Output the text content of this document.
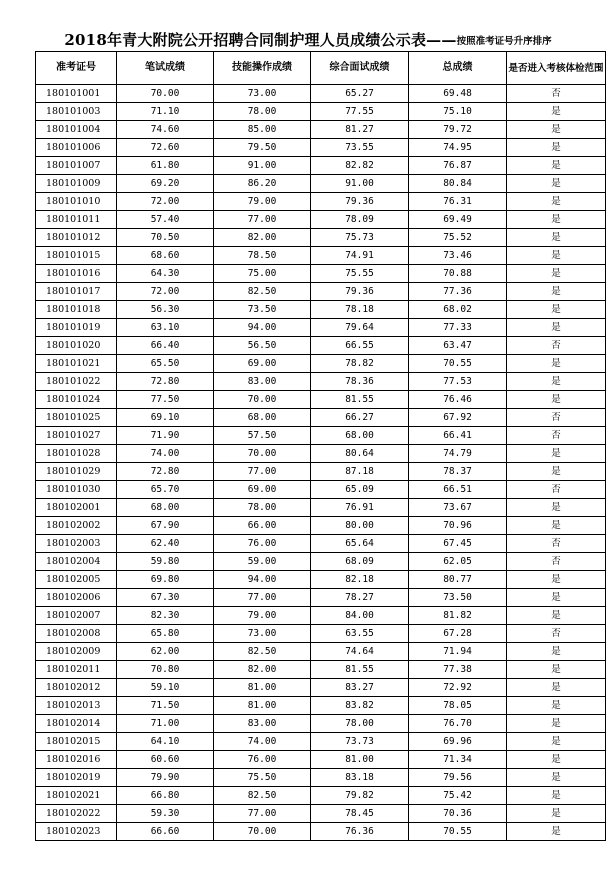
2018年青大附院公开招聘合同制护理人员成绩公示表——按照准考证号升序排序
准考证号	笔试成绩	技能操作成绩	综合面试成绩	总成绩	是否进入考核体检范围
180101001	70.00	73.00	65.27	69.48	否
180101003	71.10	78.00	77.55	75.10	是
180101004	74.60	85.00	81.27	79.72	是
180101006	72.60	79.50	73.55	74.95	是
180101007	61.80	91.00	82.82	76.87	是
180101009	69.20	86.20	91.00	80.84	是
180101010	72.00	79.00	79.36	76.31	是
180101011	57.40	77.00	78.09	69.49	是
180101012	70.50	82.00	75.73	75.52	是
180101015	68.60	78.50	74.91	73.46	是
180101016	64.30	75.00	75.55	70.88	是
180101017	72.00	82.50	79.36	77.36	是
180101018	56.30	73.50	78.18	68.02	是
180101019	63.10	94.00	79.64	77.33	是
180101020	66.40	56.50	66.55	63.47	否
180101021	65.50	69.00	78.82	70.55	是
180101022	72.80	83.00	78.36	77.53	是
180101024	77.50	70.00	81.55	76.46	是
180101025	69.10	68.00	66.27	67.92	否
180101027	71.90	57.50	68.00	66.41	否
180101028	74.00	70.00	80.64	74.79	是
180101029	72.80	77.00	87.18	78.37	是
180101030	65.70	69.00	65.09	66.51	否
180102001	68.00	78.00	76.91	73.67	是
180102002	67.90	66.00	80.00	70.96	是
180102003	62.40	76.00	65.64	67.45	否
180102004	59.80	59.00	68.09	62.05	否
180102005	69.80	94.00	82.18	80.77	是
180102006	67.30	77.00	78.27	73.50	是
180102007	82.30	79.00	84.00	81.82	是
180102008	65.80	73.00	63.55	67.28	否
180102009	62.00	82.50	74.64	71.94	是
180102011	70.80	82.00	81.55	77.38	是
180102012	59.10	81.00	83.27	72.92	是
180102013	71.50	81.00	83.82	78.05	是
180102014	71.00	83.00	78.00	76.70	是
180102015	64.10	74.00	73.73	69.96	是
180102016	60.60	76.00	81.00	71.34	是
180102019	79.90	75.50	83.18	79.56	是
180102021	66.80	82.50	79.82	75.42	是
180102022	59.30	77.00	78.45	70.36	是
180102023	66.60	70.00	76.36	70.55	是
